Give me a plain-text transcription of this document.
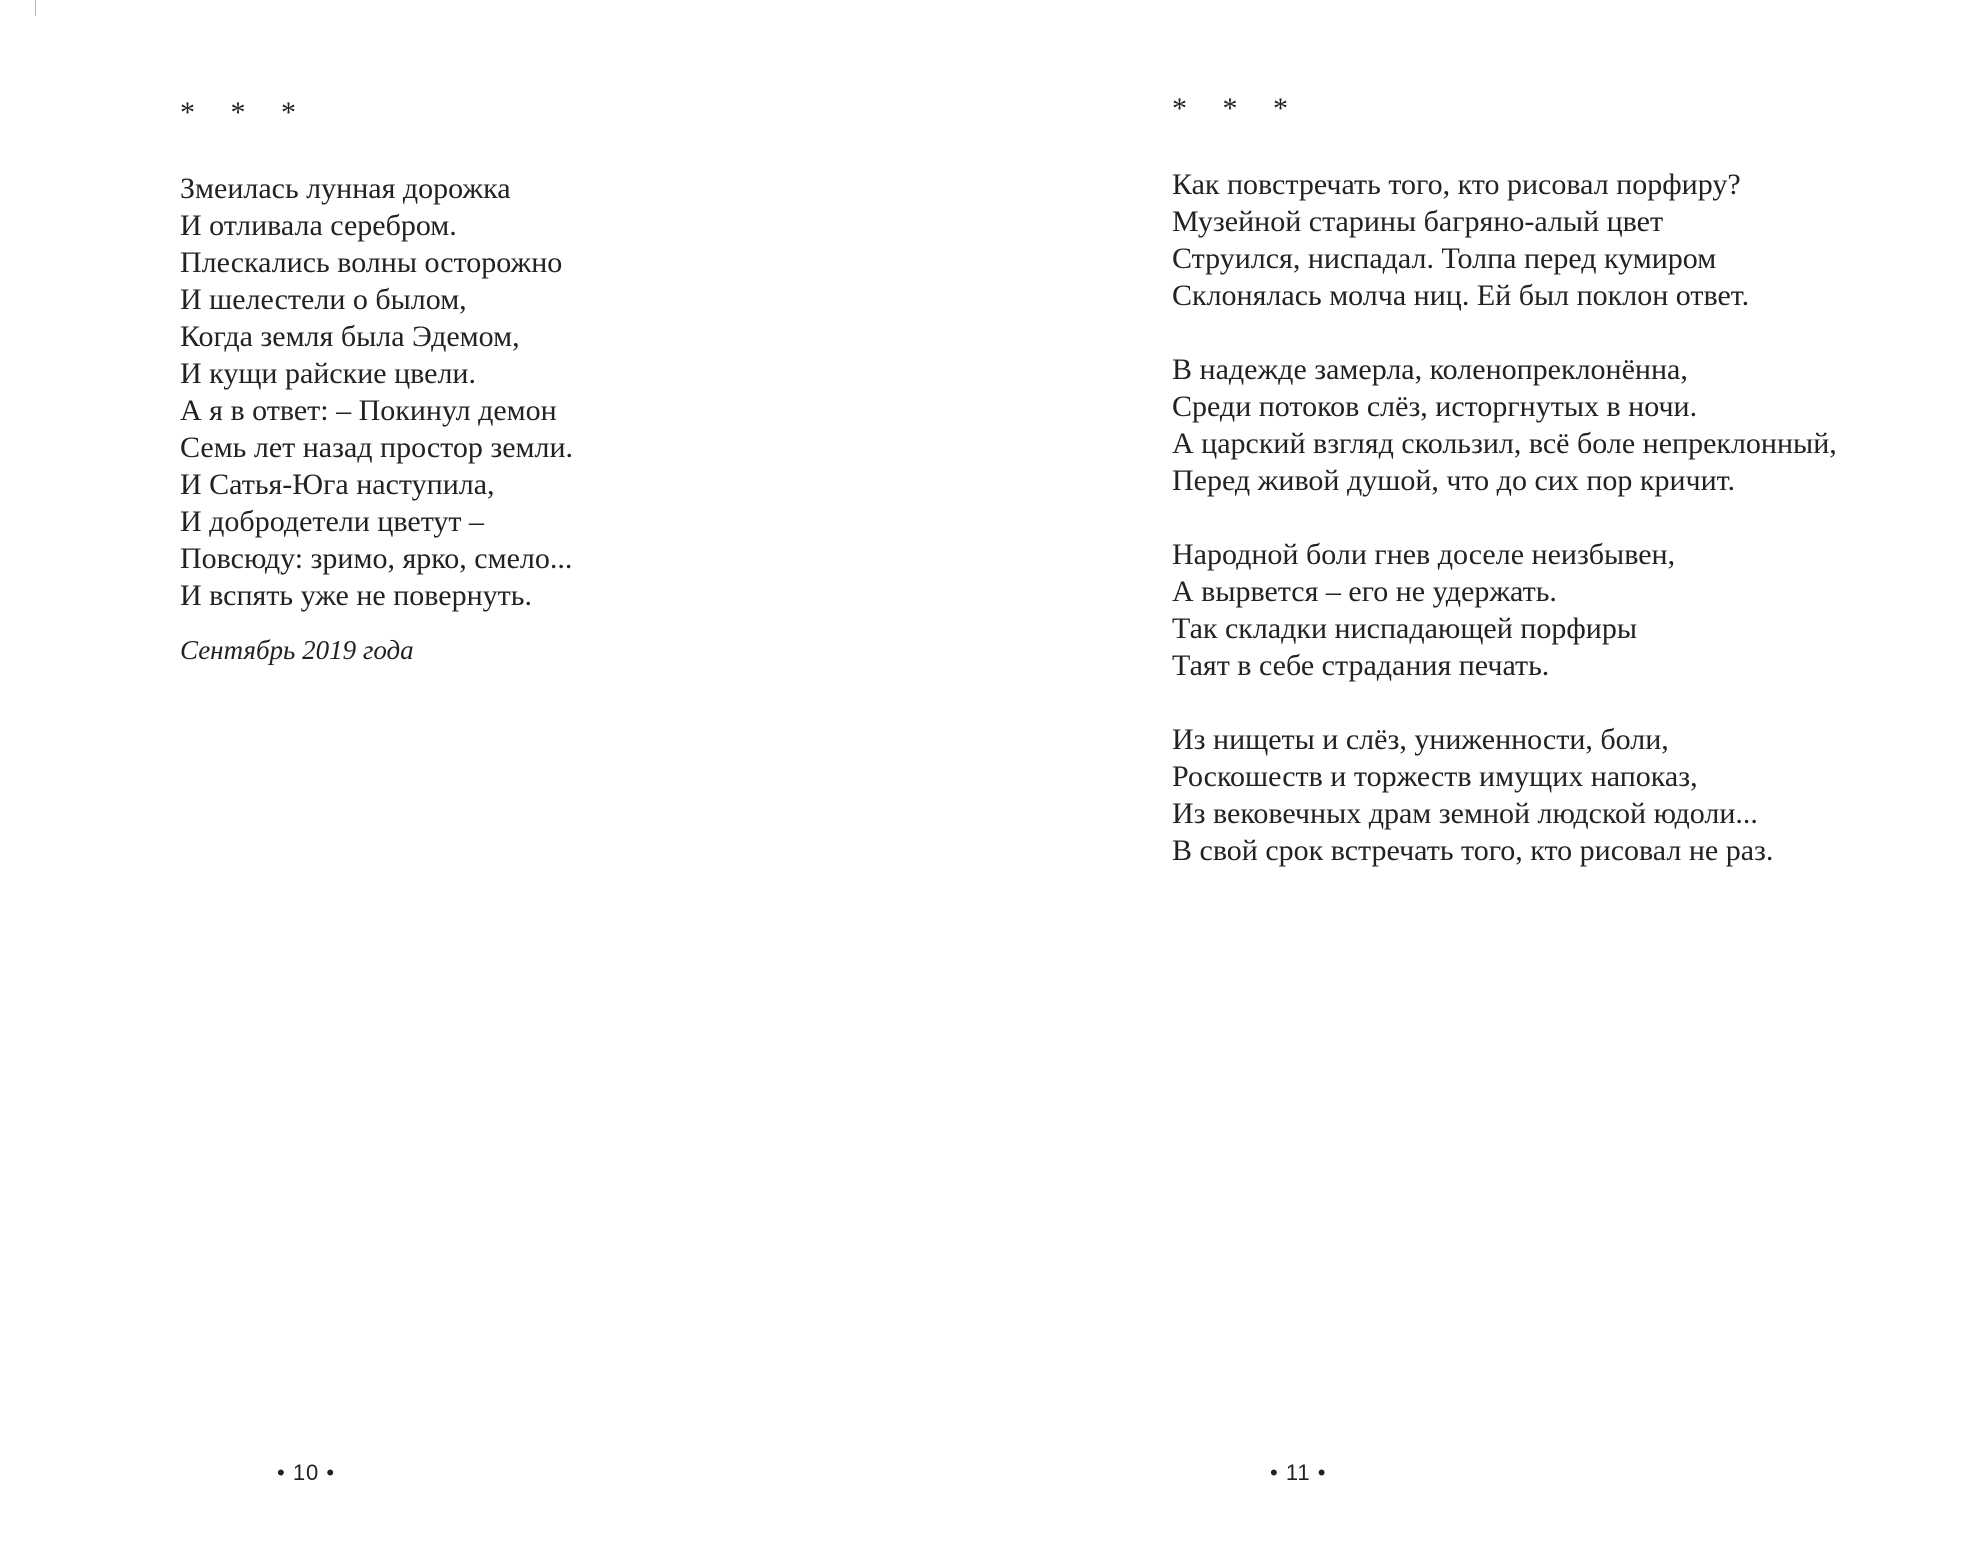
* * *
Змеилась лунная дорожка
И отливала серебром.
Плескались волны осторожно
И шелестели о былом,
Когда земля была Эдемом,
И кущи райские цвели.
А я в ответ: – Покинул демон
Семь лет назад простор земли.
И Сатья-Юга наступила,
И добродетели цветут –
Повсюду: зримо, ярко, смело...
И вспять уже не повернуть.
Сентябрь 2019 года
• 10 •
* * *
Как повстречать того, кто рисовал порфиру?
Музейной старины багряно-алый цвет
Струился, ниспадал. Толпа перед кумиром
Склонялась молча ниц. Ей был поклон ответ.
В надежде замерла, коленопреклонённа,
Среди потоков слёз, исторгнутых в ночи.
А царский взгляд скользил, всё боле непреклонный,
Перед живой душой, что до сих пор кричит.
Народной боли гнев доселе неизбывен,
А вырвется – его не удержать.
Так складки ниспадающей порфиры
Таят в себе страдания печать.
Из нищеты и слёз, униженности, боли,
Роскошеств и торжеств имущих напоказ,
Из вековечных драм земной людской юдоли...
В свой срок встречать того, кто рисовал не раз.
• 11 •
